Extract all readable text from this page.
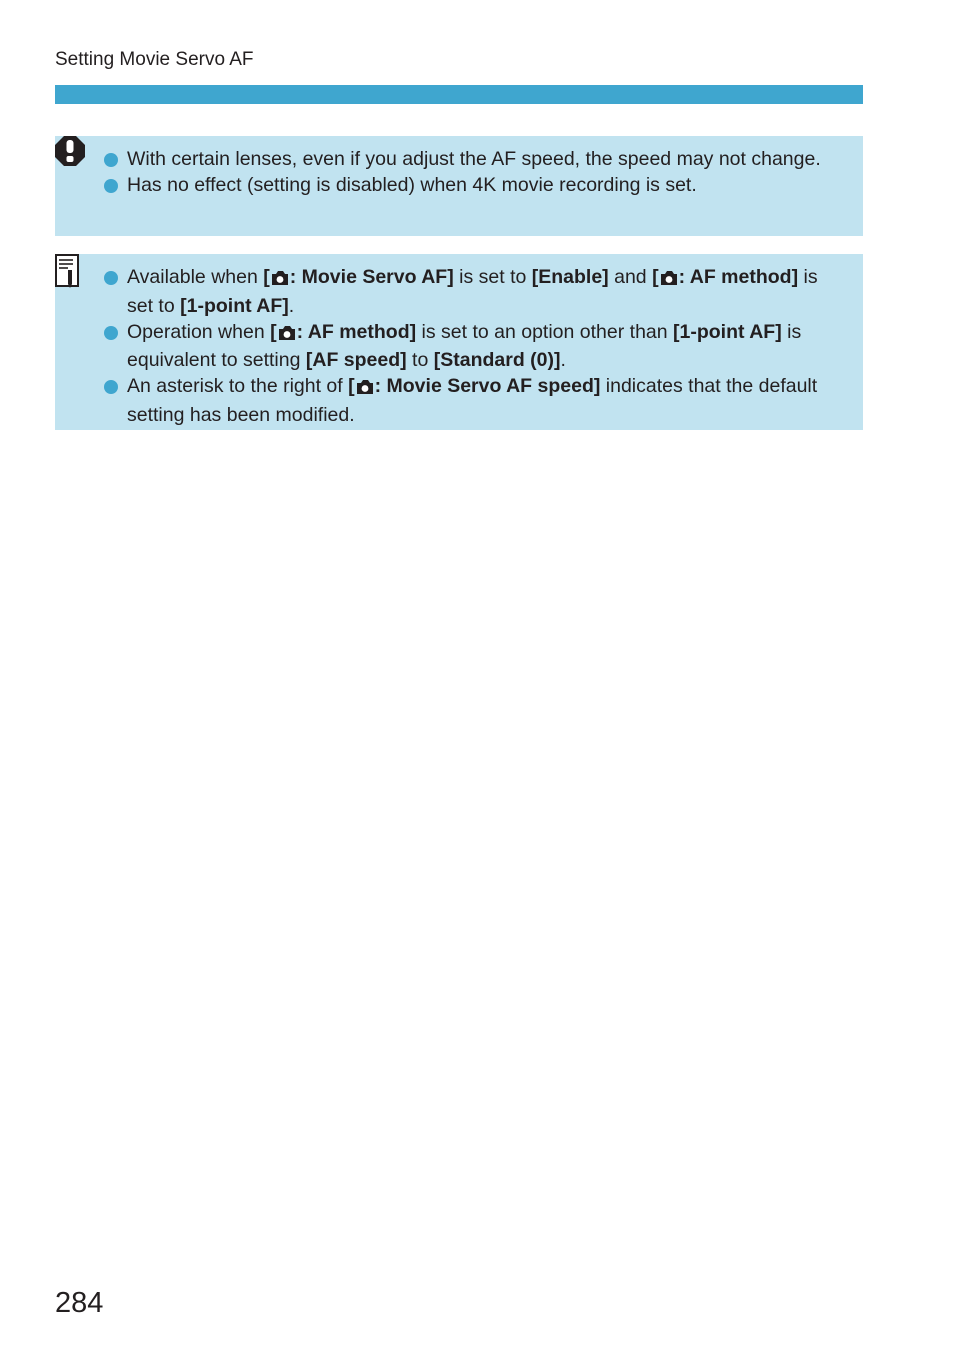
Setting Movie Servo AF
With certain lenses, even if you adjust the AF speed, the speed may not change.
Has no effect (setting is disabled) when 4K movie recording is set.
Available when [ : Movie Servo AF] is set to [Enable] and [ : AF method] is set to [1-point AF].
Operation when [ : AF method] is set to an option other than [1-point AF] is equivalent to setting [AF speed] to [Standard (0)].
An asterisk to the right of [ : Movie Servo AF speed] indicates that the default setting has been modified.
284
